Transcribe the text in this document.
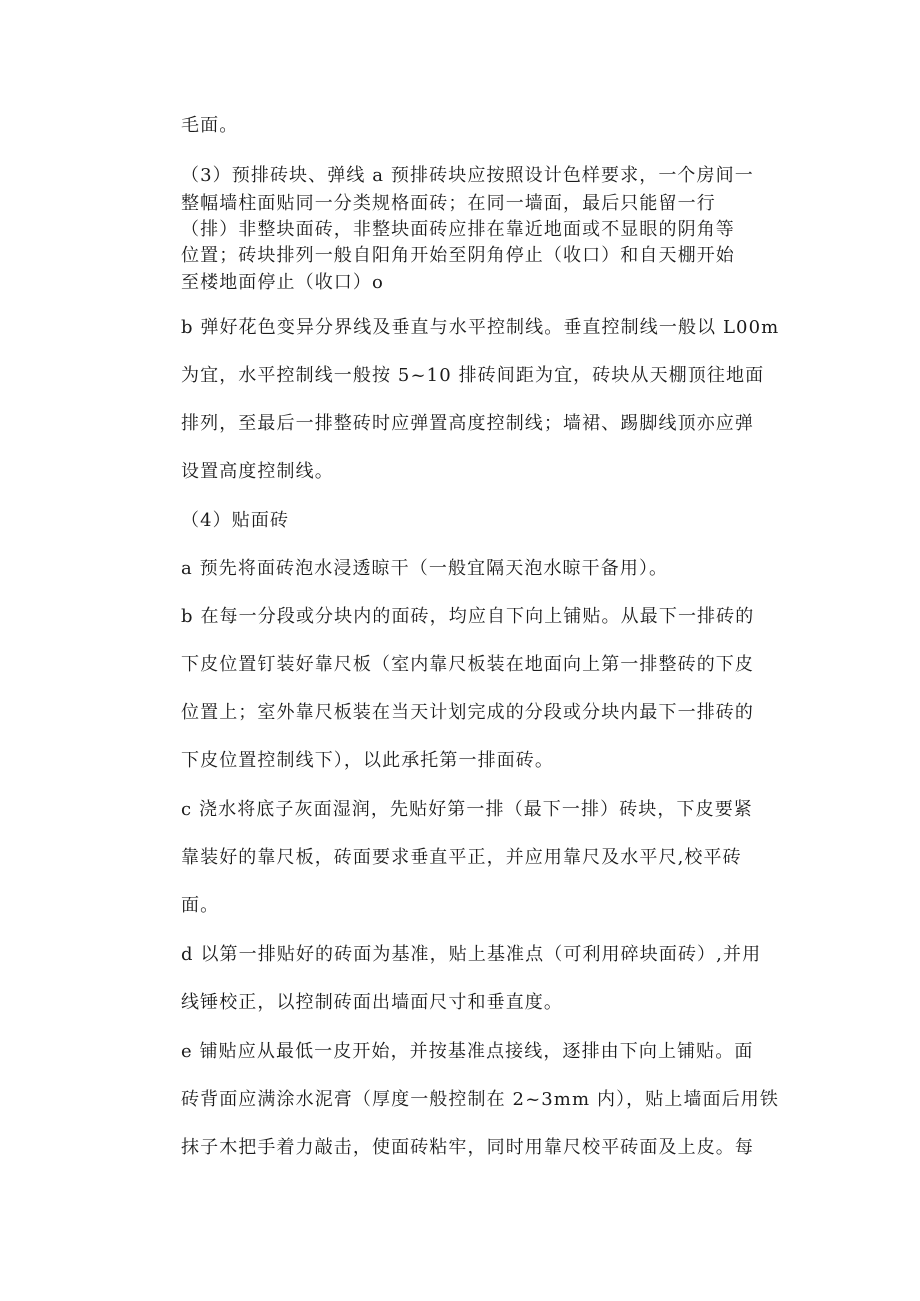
毛面。
（3）预排砖块、弹线 a 预排砖块应按照设计色样要求，一个房间一
整幅墙柱面贴同一分类规格面砖；在同一墙面，最后只能留一行
（排）非整块面砖，非整块面砖应排在靠近地面或不显眼的阴角等
位置；砖块排列一般自阳角开始至阴角停止（收口）和自天棚开始
至楼地面停止（收口）o
b 弹好花色变异分界线及垂直与水平控制线。垂直控制线一般以 L00m
为宜，水平控制线一般按 5~10 排砖间距为宜，砖块从天棚顶往地面
排列，至最后一排整砖时应弹置高度控制线；墙裙、踢脚线顶亦应弹
设置高度控制线。
（4）贴面砖
a 预先将面砖泡水浸透晾干（一般宜隔天泡水晾干备用）。
b 在每一分段或分块内的面砖，均应自下向上铺贴。从最下一排砖的
下皮位置钉装好靠尺板（室内靠尺板装在地面向上第一排整砖的下皮
位置上；室外靠尺板装在当天计划完成的分段或分块内最下一排砖的
下皮位置控制线下），以此承托第一排面砖。
c 浇水将底子灰面湿润，先贴好第一排（最下一排）砖块，下皮要紧
靠装好的靠尺板，砖面要求垂直平正，并应用靠尺及水平尺,校平砖
面。
d 以第一排贴好的砖面为基准，贴上基准点（可利用碎块面砖）,并用
线锤校正，以控制砖面出墙面尺寸和垂直度。
e 铺贴应从最低一皮开始，并按基准点接线，逐排由下向上铺贴。面
砖背面应满涂水泥膏（厚度一般控制在 2~3mm 内），贴上墙面后用铁
抹子木把手着力敲击，使面砖粘牢，同时用靠尺校平砖面及上皮。每
